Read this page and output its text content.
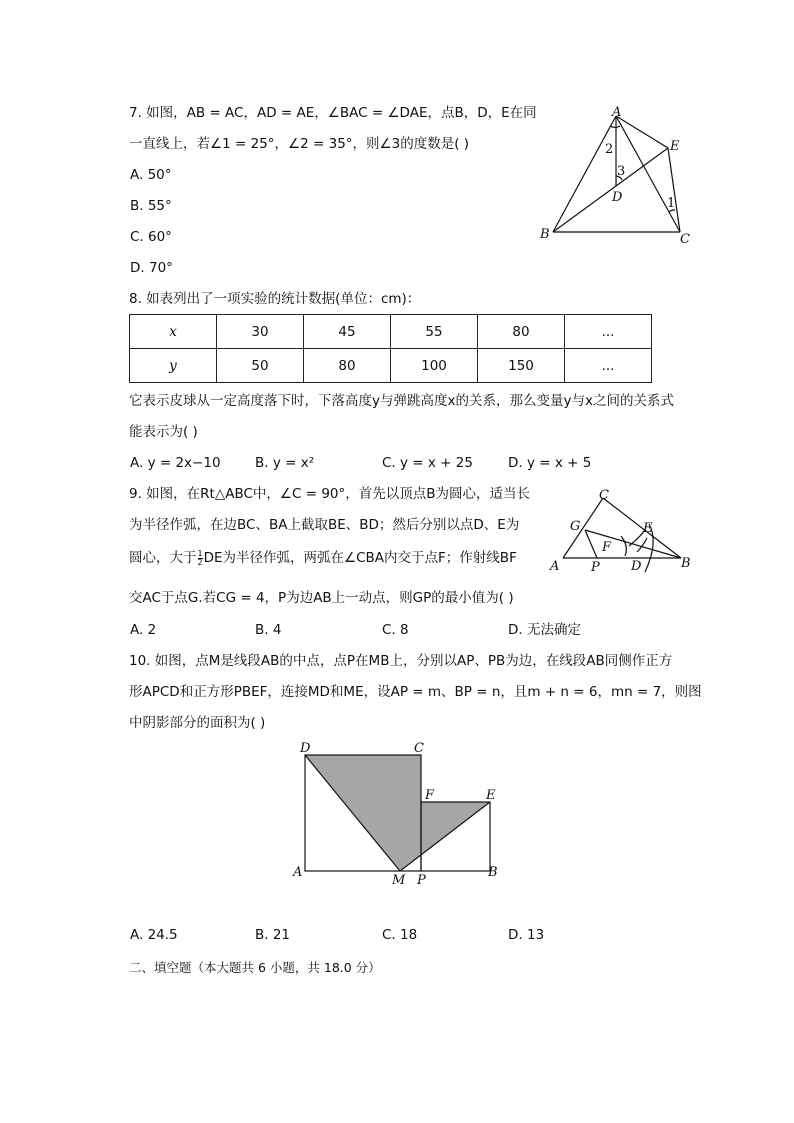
7. 如图，AB = AC，AD = AE，∠BAC = ∠DAE，点B，D，E在同
一直线上，若∠1 = 25°，∠2 = 35°，则∠3的度数是( )
A. 50°
B. 55°
C. 60°
D. 70°
A
B	C
D
E
1
2
3
8. 如表列出了一项实验的统计数据(单位：cm)：
x	30	45	55	80	...
y	50	80	100	150	...
它表示皮球从一定高度落下时，下落高度y与弹跳高度x的关系，那么变量y与x之间的关系式
能表示为( )
A. y = 2x−10	B. y = x²	C. y = x + 25	D. y = x + 5
9. 如图，在Rt△ABC中，∠C = 90°，首先以顶点B为圆心，适当长
为半径作弧，在边BC、BA上截取BE、BD；然后分别以点D、E为
圆心，大于 $\frac{1}{2}$ DE为半径作弧，两弧在∠CBA内交于点F；作射线BF
交AC于点G.若CG = 4，P为边AB上一动点，则GP的最小值为( )
A. 2	B. 4	C. 8	D. 无法确定
A	B
C
D
E
F
G
P
10. 如图，点M是线段AB的中点，点P在MB上，分别以AP、PB为边，在线段AB同侧作正方
形APCD和正方形PBEF，连接MD和ME，设AP = m、BP = n，且m + n = 6，mn = 7，则图
中阴影部分的面积为( )
A	B
C
D
E
F
M P
A. 24.5	B. 21	C. 18	D. 13
二、填空题（本大题共 6 小题，共 18.0 分）
